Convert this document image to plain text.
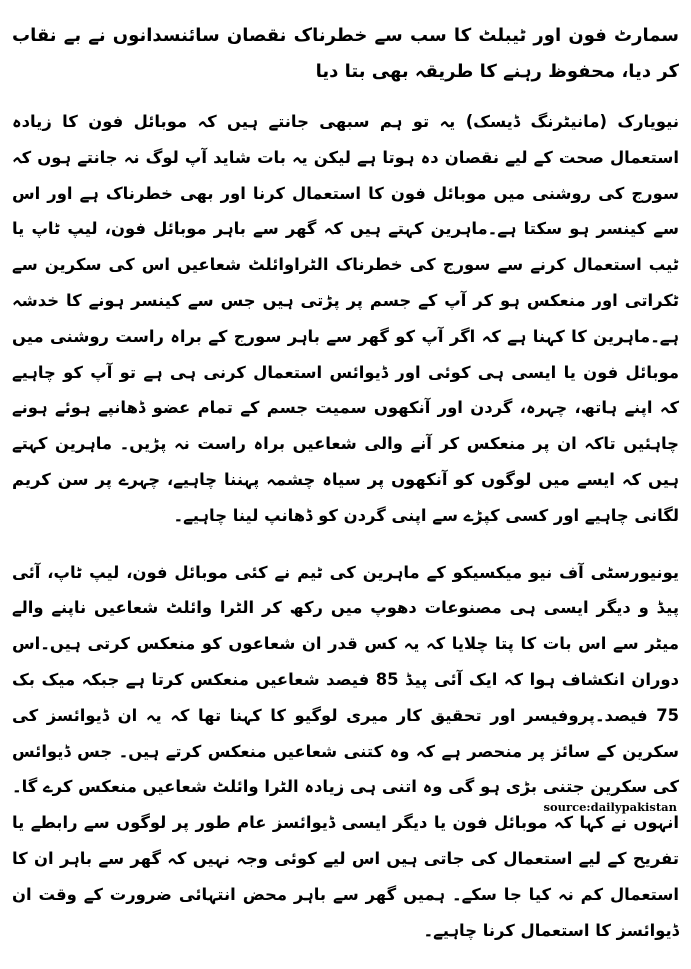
سمارٹ فون اور ٹیبلٹ کا سب سے خطرناک نقصان سائنسدانوں نے بے نقاب کر دیا، محفوظ رہنے کا طریقہ بھی بتا دیا
نیویارک (مانیٹرنگ ڈیسک) یہ تو ہم سبھی جانتے ہیں کہ موبائل فون کا زیادہ استعمال صحت کے لیے نقصان دہ ہوتا ہے لیکن یہ بات شاید آپ لوگ نہ جانتے ہوں کہ سورج کی روشنی میں موبائل فون کا استعمال کرنا اور بھی خطرناک ہے اور اس سے کینسر ہو سکتا ہے۔ماہرین کہتے ہیں کہ گھر سے باہر موبائل فون، لیپ ٹاپ یا ٹیب استعمال کرنے سے سورج کی خطرناک الٹراوائلٹ شعاعیں اس کی سکرین سے ٹکراتی اور منعکس ہو کر آپ کے جسم پر پڑتی ہیں جس سے کینسر ہونے کا خدشہ ہے۔ماہرین کا کہنا ہے کہ اگر آپ کو گھر سے باہر سورج کے براہ راست روشنی میں موبائل فون یا ایسی ہی کوئی اور ڈیوائس استعمال کرنی ہی ہے تو آپ کو چاہیے کہ اپنے ہاتھ، چہرہ، گردن اور آنکھوں سمیت جسم کے تمام عضو ڈھانپے ہوئے ہونے چاہئیں تاکہ ان پر منعکس کر آنے والی شعاعیں براہ راست نہ پڑیں۔ ماہرین کہتے ہیں کہ ایسے میں لوگوں کو آنکھوں پر سیاہ چشمہ پہننا چاہیے، چہرے پر سن کریم لگانی چاہیے اور کسی کپڑے سے اپنی گردن کو ڈھانپ لینا چاہیے۔
یونیورسٹی آف نیو میکسیکو کے ماہرین کی ٹیم نے کئی موبائل فون، لیپ ٹاپ، آئی پیڈ و دیگر ایسی ہی مصنوعات دھوپ میں رکھ کر الٹرا وائلٹ شعاعیں ناپنے والے میٹر سے اس بات کا پتا چلایا کہ یہ کس قدر ان شعاعوں کو منعکس کرتی ہیں۔اس دوران انکشاف ہوا کہ ایک آئی پیڈ 85 فیصد شعاعیں منعکس کرتا ہے جبکہ میک بک 75 فیصد۔پروفیسر اور تحقیق کار میری لوگیو کا کہنا تھا کہ یہ ان ڈیوائسز کی سکرین کے سائز پر منحصر ہے کہ وہ کتنی شعاعیں منعکس کرتے ہیں۔ جس ڈیوائس کی سکرین جتنی بڑی ہو گی وہ اتنی ہی زیادہ الٹرا وائلٹ شعاعیں منعکس کرے گا۔انہوں نے کہا کہ موبائل فون یا دیگر ایسی ڈیوائسز عام طور پر لوگوں سے رابطے یا تفریح کے لیے استعمال کی جاتی ہیں اس لیے کوئی وجہ نہیں کہ گھر سے باہر ان کا استعمال کم نہ کیا جا سکے۔ ہمیں گھر سے باہر محض انتہائی ضرورت کے وقت ان ڈیوائسز کا استعمال کرنا چاہیے۔
source:dailypakistan
